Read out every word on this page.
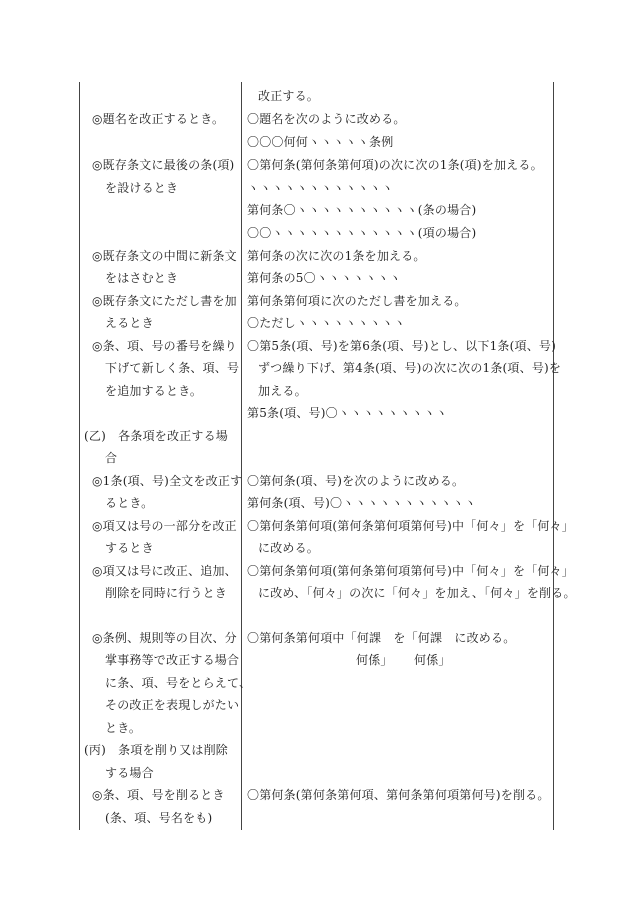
改正する。
◎題名を改正するとき。 〇題名を次のように改める。
〇〇〇何何ヽヽヽヽヽ条例
◎既存条文に最後の条(項)
を設けるとき
〇第何条(第何条第何項)の次に次の1条(項)を加える。
ヽヽヽヽヽヽヽヽヽヽヽヽ
第何条〇ヽヽヽヽヽヽヽヽヽヽ(条の場合)
〇〇ヽヽヽヽヽヽヽヽヽヽヽヽ(項の場合)
◎既存条文の中間に新条文
をはさむとき
第何条の次に次の1条を加える。
第何条の5〇ヽヽヽヽヽヽヽ
◎既存条文にただし書を加
えるとき
第何条第何項に次のただし書を加える。
〇ただしヽヽヽヽヽヽヽヽヽ
◎条、項、号の番号を繰り
下げて新しく条、項、号
を追加するとき。
〇第5条(項、号)を第6条(項、号)とし、以下1条(項、号)
ずつ繰り下げ、第4条(項、号)の次に次の1条(項、号)を
加える。
第5条(項、号)〇ヽヽヽヽヽヽヽヽヽ
(乙)　各条項を改正する場
合
◎1条(項、号)全文を改正す
るとき。
〇第何条(項、号)を次のように改める。
第何条(項、号)〇ヽヽヽヽヽヽヽヽヽヽヽ
◎項又は号の一部分を改正
するとき
〇第何条第何項(第何条第何項第何号)中「何々」を「何々」
に改める。
◎項又は号に改正、追加、
削除を同時に行うとき
〇第何条第何項(第何条第何項第何号)中「何々」を「何々」
に改め、「何々」の次に「何々」を加え、「何々」を削る。
◎条例、規則等の目次、分
掌事務等で改正する場合
に条、項、号をとらえて、
その改正を表現しがたい
とき。
〇第何条第何項中「何課　を「何課　に改める。
何係」 何係」
(丙)　条項を削り又は削除
する場合
◎条、項、号を削るとき
(条、項、号名をも)
〇第何条(第何条第何項、第何条第何項第何号)を削る。
